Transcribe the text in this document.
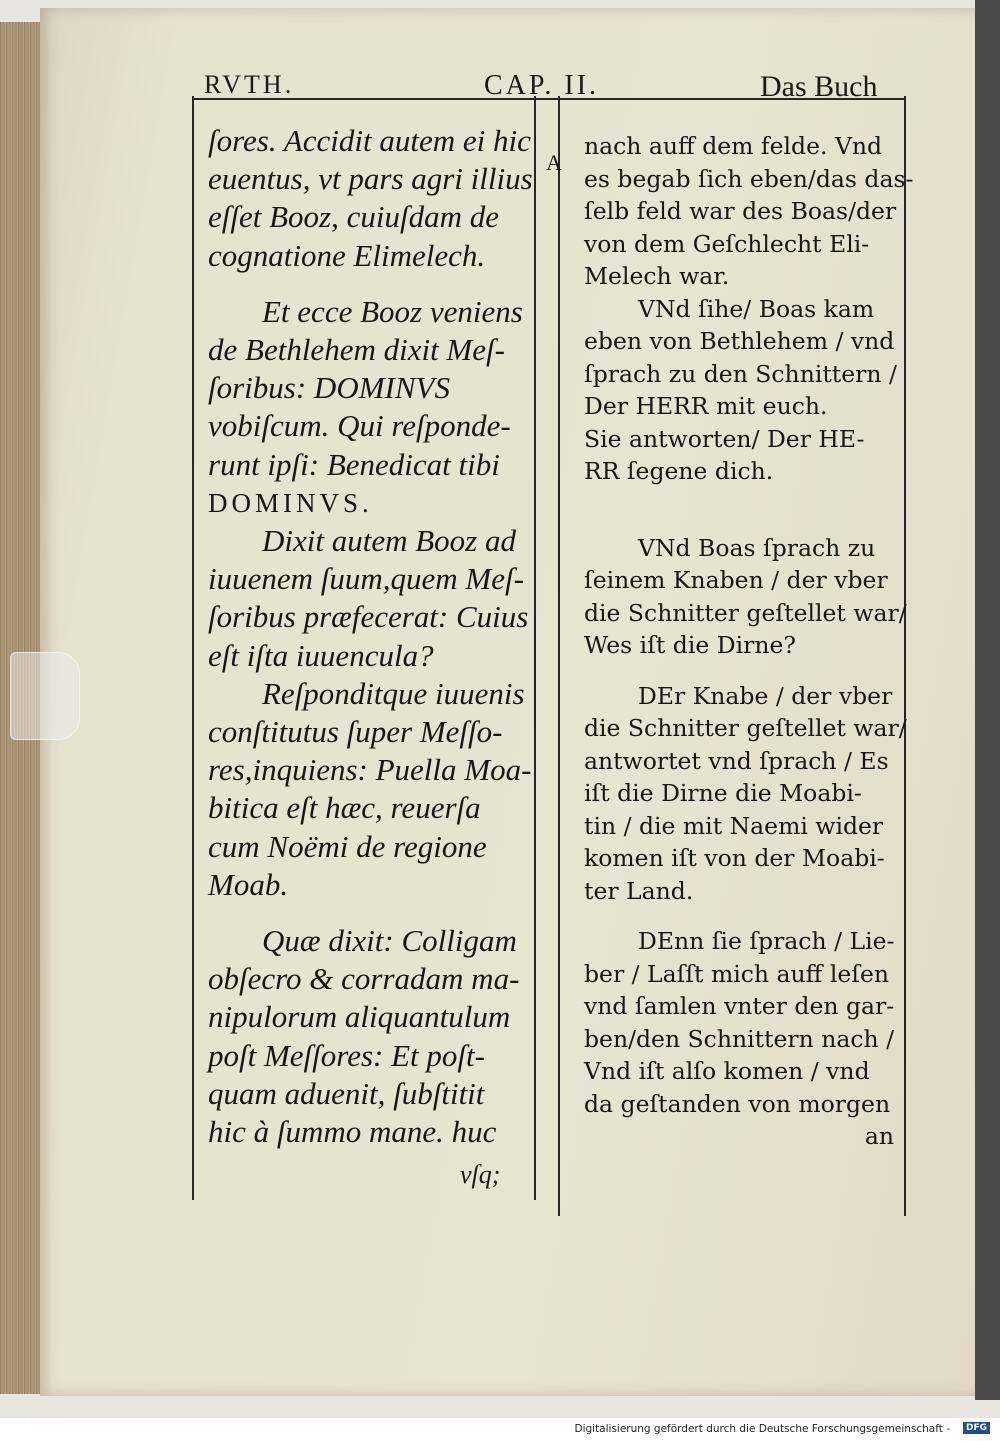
RVTH.	CAP. II.	Das Buch
A
ſores. Accidit autem ei hic
euentus, vt pars agri illius
eſſet Booz, cuiuſdam de
cognatione Elimelech.
Et ecce Booz veniens
de Bethlehem dixit Meſ-
ſoribus: DOMINVS
vobiſcum. Qui reſponde-
runt ipſi: Benedicat tibi
DOMINVS.
Dixit autem Booz ad
iuuenem ſuum,quem Meſ-
ſoribus præfecerat: Cuius
eſt iſta iuuencula?
Reſponditque iuuenis
conſtitutus ſuper Meſſo-
res,inquiens: Puella Moa-
bitica eſt hæc, reuerſa
cum Noëmi de regione
Moab.
Quæ dixit: Colligam
obſecro & corradam ma-
nipulorum aliquantulum
poſt Meſſores: Et poſt-
quam aduenit, ſubſtitit
hic à ſummo mane. huc
vſq;
nach auff dem felde. Vnd
es begab ſich eben/das das-
ſelb feld war des Boas/der
von dem Geſchlecht Eli-
Melech war.
VNd ſihe/ Boas kam
eben von Bethlehem / vnd
ſprach zu den Schnittern /
Der HERR mit euch.
Sie antworten/ Der HE-
RR ſegene dich.
VNd Boas ſprach zu
ſeinem Knaben / der vber
die Schnitter geſtellet war/
Wes iſt die Dirne?
DEr Knabe / der vber
die Schnitter geſtellet war/
antwortet vnd ſprach / Es
iſt die Dirne die Moabi-
tin / die mit Naemi wider
komen iſt von der Moabi-
ter Land.
DEnn ſie ſprach / Lie-
ber / Laſſt mich auff leſen
vnd ſamlen vnter den gar-
ben/den Schnittern nach /
Vnd iſt alſo komen / vnd
da geſtanden von morgen
an
Digitalisierung gefördert durch die Deutsche Forschungsgemeinschaft -	DFG
